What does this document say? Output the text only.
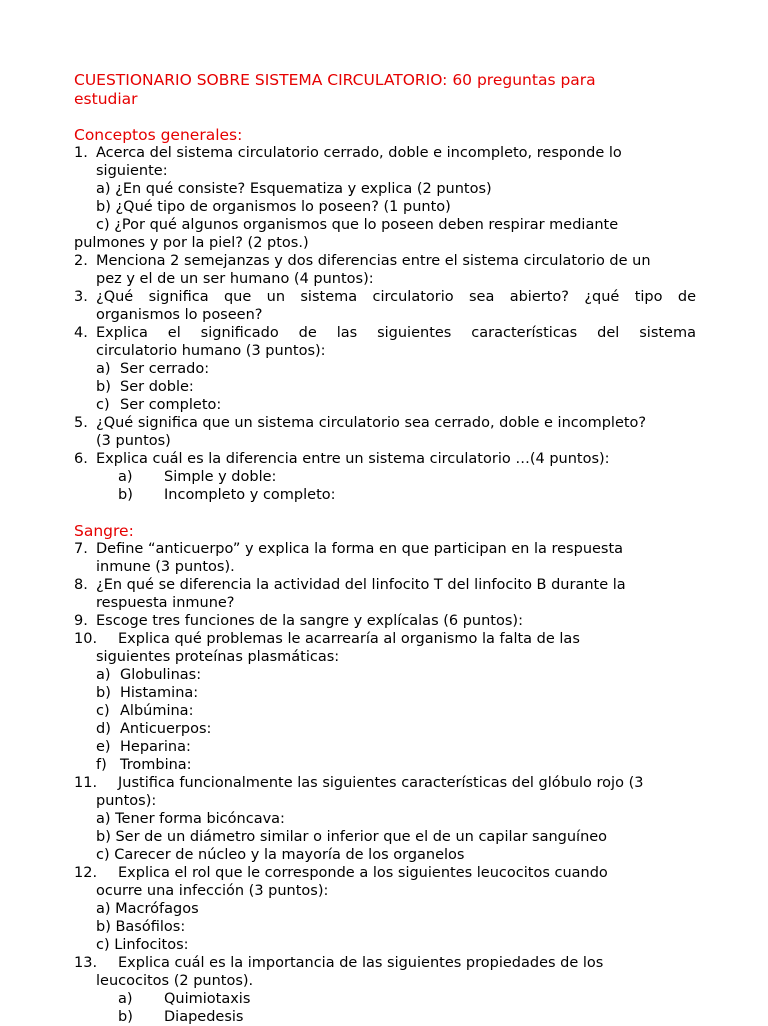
CUESTIONARIO SOBRE SISTEMA CIRCULATORIO: 60 preguntas para
estudiar
Conceptos generales:
1. Acerca del sistema circulatorio cerrado, doble e incompleto, responde lo
siguiente:
a) ¿En qué consiste? Esquematiza y explica (2 puntos)
b) ¿Qué tipo de organismos lo poseen? (1 punto)
c) ¿Por qué algunos organismos que lo poseen deben respirar mediante
pulmones y por la piel? (2 ptos.)
2. Menciona 2 semejanzas y dos diferencias entre el sistema circulatorio de un
pez y el de un ser humano (4 puntos):
3. ¿Qué significa que un sistema circulatorio sea abierto? ¿qué tipo de
organismos lo poseen?
4. Explica el significado de las siguientes características del sistema
circulatorio humano (3 puntos):
a) Ser cerrado:
b) Ser doble:
c) Ser completo:
5. ¿Qué significa que un sistema circulatorio sea cerrado, doble e incompleto?
(3 puntos)
6. Explica cuál es la diferencia entre un sistema circulatorio …(4 puntos):
a)	Simple y doble:
b)	Incompleto y completo:
Sangre:
7. Define “anticuerpo” y explica la forma en que participan en la respuesta
inmune (3 puntos).
8. ¿En qué se diferencia la actividad del linfocito T del linfocito B durante la
respuesta inmune?
9. Escoge tres funciones de la sangre y explícalas (6 puntos):
10.	Explica qué problemas le acarrearía al organismo la falta de las
siguientes proteínas plasmáticas:
a) Globulinas:
b) Histamina:
c) Albúmina:
d) Anticuerpos:
e) Heparina:
f) Trombina:
11.	Justifica funcionalmente las siguientes características del glóbulo rojo (3
puntos):
a) Tener forma bicóncava:
b) Ser de un diámetro similar o inferior que el de un capilar sanguíneo
c) Carecer de núcleo y la mayoría de los organelos
12.	Explica el rol que le corresponde a los siguientes leucocitos cuando
ocurre una infección (3 puntos):
a) Macrófagos
b) Basófilos:
c) Linfocitos:
13.	Explica cuál es la importancia de las siguientes propiedades de los
leucocitos (2 puntos).
a)	Quimiotaxis
b)	Diapedesis
